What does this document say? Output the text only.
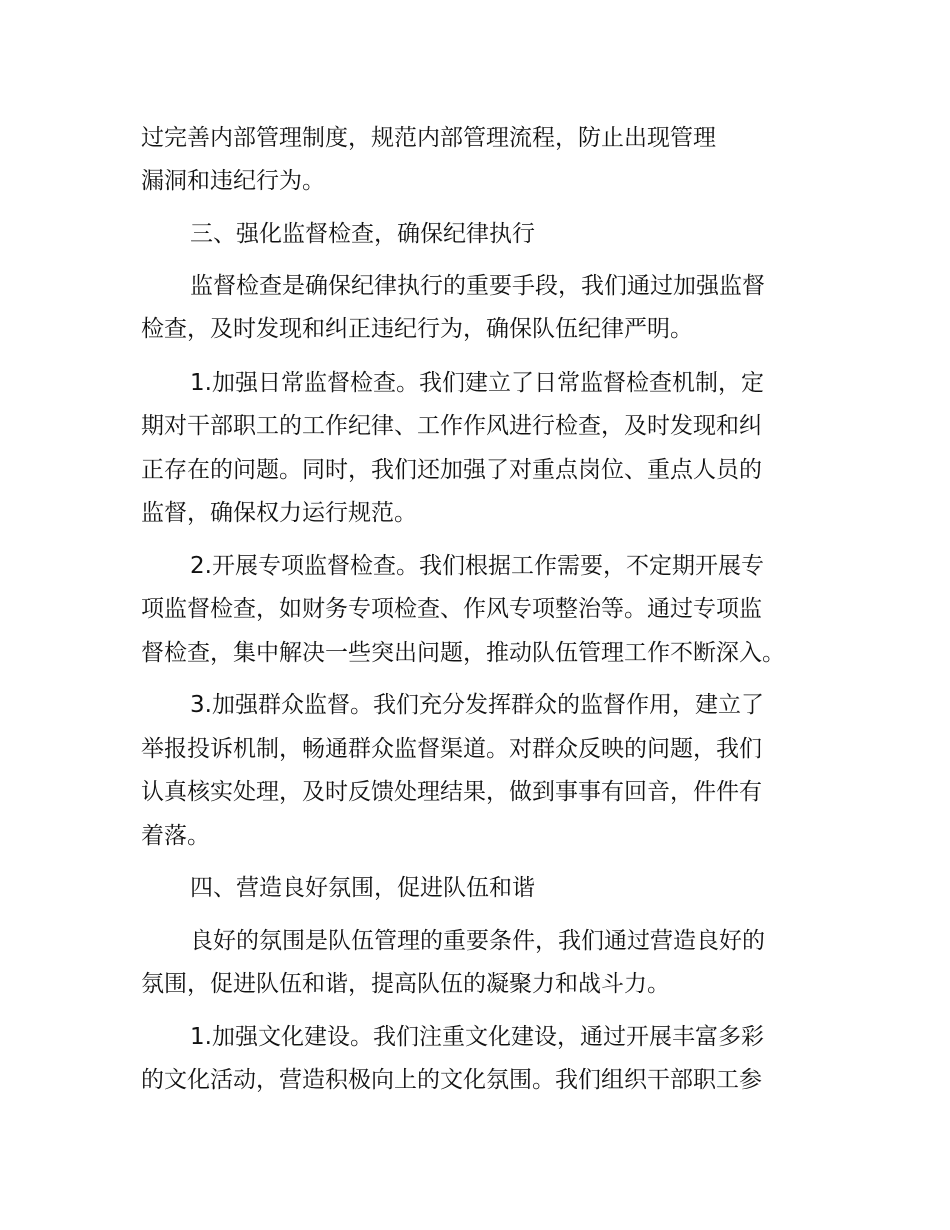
过完善内部管理制度，规范内部管理流程，防止出现管理
漏洞和违纪行为。
三、强化监督检查，确保纪律执行
监督检查是确保纪律执行的重要手段，我们通过加强监督
检查，及时发现和纠正违纪行为，确保队伍纪律严明。
1.加强日常监督检查。我们建立了日常监督检查机制，定
期对干部职工的工作纪律、工作作风进行检查，及时发现和纠
正存在的问题。同时，我们还加强了对重点岗位、重点人员的
监督，确保权力运行规范。
2.开展专项监督检查。我们根据工作需要，不定期开展专
项监督检查，如财务专项检查、作风专项整治等。通过专项监
督检查，集中解决一些突出问题，推动队伍管理工作不断深入。
3.加强群众监督。我们充分发挥群众的监督作用，建立了
举报投诉机制，畅通群众监督渠道。对群众反映的问题，我们
认真核实处理，及时反馈处理结果，做到事事有回音，件件有
着落。
四、营造良好氛围，促进队伍和谐
良好的氛围是队伍管理的重要条件，我们通过营造良好的
氛围，促进队伍和谐，提高队伍的凝聚力和战斗力。
1.加强文化建设。我们注重文化建设，通过开展丰富多彩
的文化活动，营造积极向上的文化氛围。我们组织干部职工参
